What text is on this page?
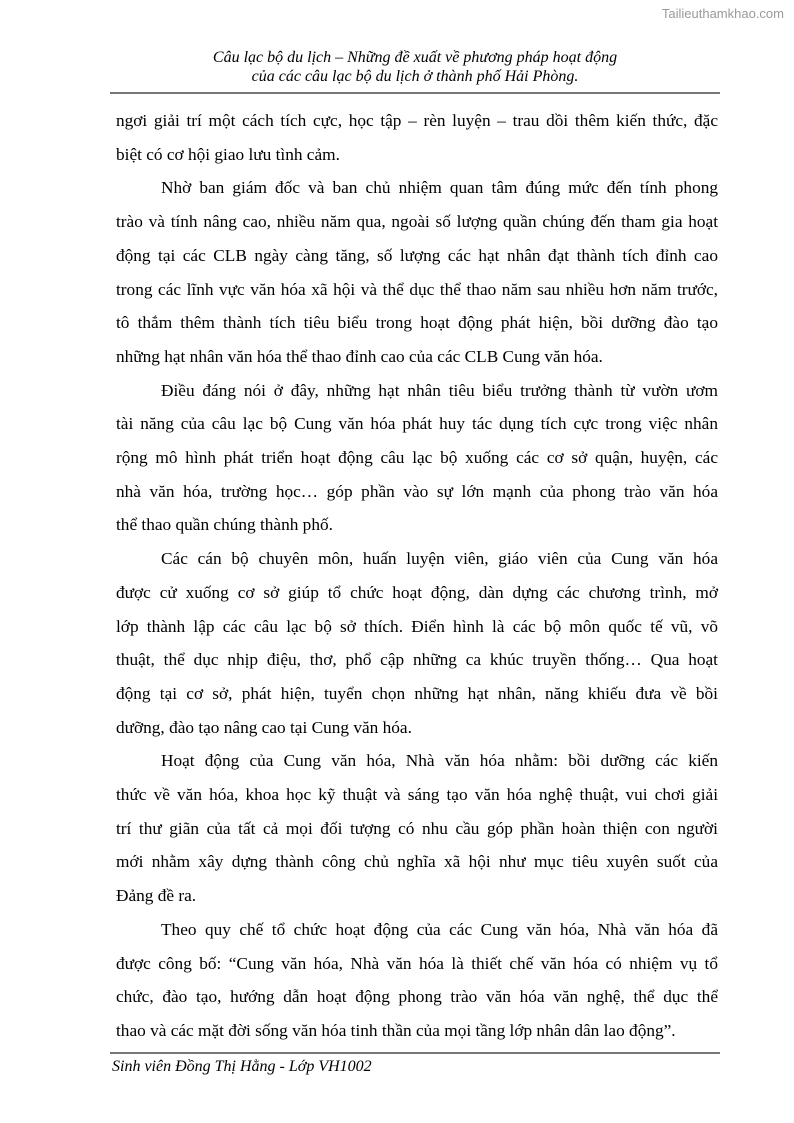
Tailieuthamkhao.com
Câu lạc bộ du lịch – Những đề xuất về phương pháp hoạt động
của các câu lạc bộ du lịch ở thành phố Hải Phòng.
ngơi giải trí một cách tích cực, học tập – rèn luyện – trau dồi thêm kiến thức, đặc
biệt có cơ hội giao lưu tình cảm.
Nhờ ban giám đốc và ban chủ nhiệm quan tâm đúng mức đến tính phong
trào và tính nâng cao, nhiều năm qua, ngoài số lượng quần chúng đến tham gia hoạt
động tại các CLB ngày càng tăng, số lượng các hạt nhân đạt thành tích đỉnh cao
trong các lĩnh vực văn hóa xã hội và thể dục thể thao năm sau nhiều hơn năm trước,
tô thắm thêm thành tích tiêu biểu trong hoạt động phát hiện, bồi dưỡng đào tạo
những hạt nhân văn hóa thể thao đỉnh cao của các CLB Cung văn hóa.
Điều đáng nói ở đây, những hạt nhân tiêu biểu trưởng thành từ vườn ươm
tài năng của câu lạc bộ Cung văn hóa phát huy tác dụng tích cực trong việc nhân
rộng mô hình phát triển hoạt động câu lạc bộ xuống các cơ sở quận, huyện, các
nhà văn hóa, trường học… góp phần vào sự lớn mạnh của phong trào văn hóa
thể thao quần chúng thành phố.
Các cán bộ chuyên môn, huấn luyện viên, giáo viên của Cung văn hóa
được cử xuống cơ sở giúp tổ chức hoạt động, dàn dựng các chương trình, mở
lớp thành lập các câu lạc bộ sở thích. Điển hình là các bộ môn quốc tế vũ, võ
thuật, thể dục nhịp điệu, thơ, phổ cập những ca khúc truyền thống… Qua hoạt
động tại cơ sở, phát hiện, tuyển chọn những hạt nhân, năng khiếu đưa về bồi
dưỡng, đào tạo nâng cao tại Cung văn hóa.
Hoạt động của Cung văn hóa, Nhà văn hóa nhằm: bồi dưỡng các kiến
thức về văn hóa, khoa học kỹ thuật và sáng tạo văn hóa nghệ thuật, vui chơi giải
trí thư giãn của tất cả mọi đối tượng có nhu cầu góp phần hoàn thiện con người
mới nhằm xây dựng thành công chủ nghĩa xã hội như mục tiêu xuyên suốt của
Đảng đề ra.
Theo quy chế tổ chức hoạt động của các Cung văn hóa, Nhà văn hóa đã
được công bố: “Cung văn hóa, Nhà văn hóa là thiết chế văn hóa có nhiệm vụ tổ
chức, đào tạo, hướng dẫn hoạt động phong trào văn hóa văn nghệ, thể dục thể
thao và các mặt đời sống văn hóa tinh thần của mọi tầng lớp nhân dân lao động”.
Sinh viên Đồng Thị Hằng - Lớp VH1002
